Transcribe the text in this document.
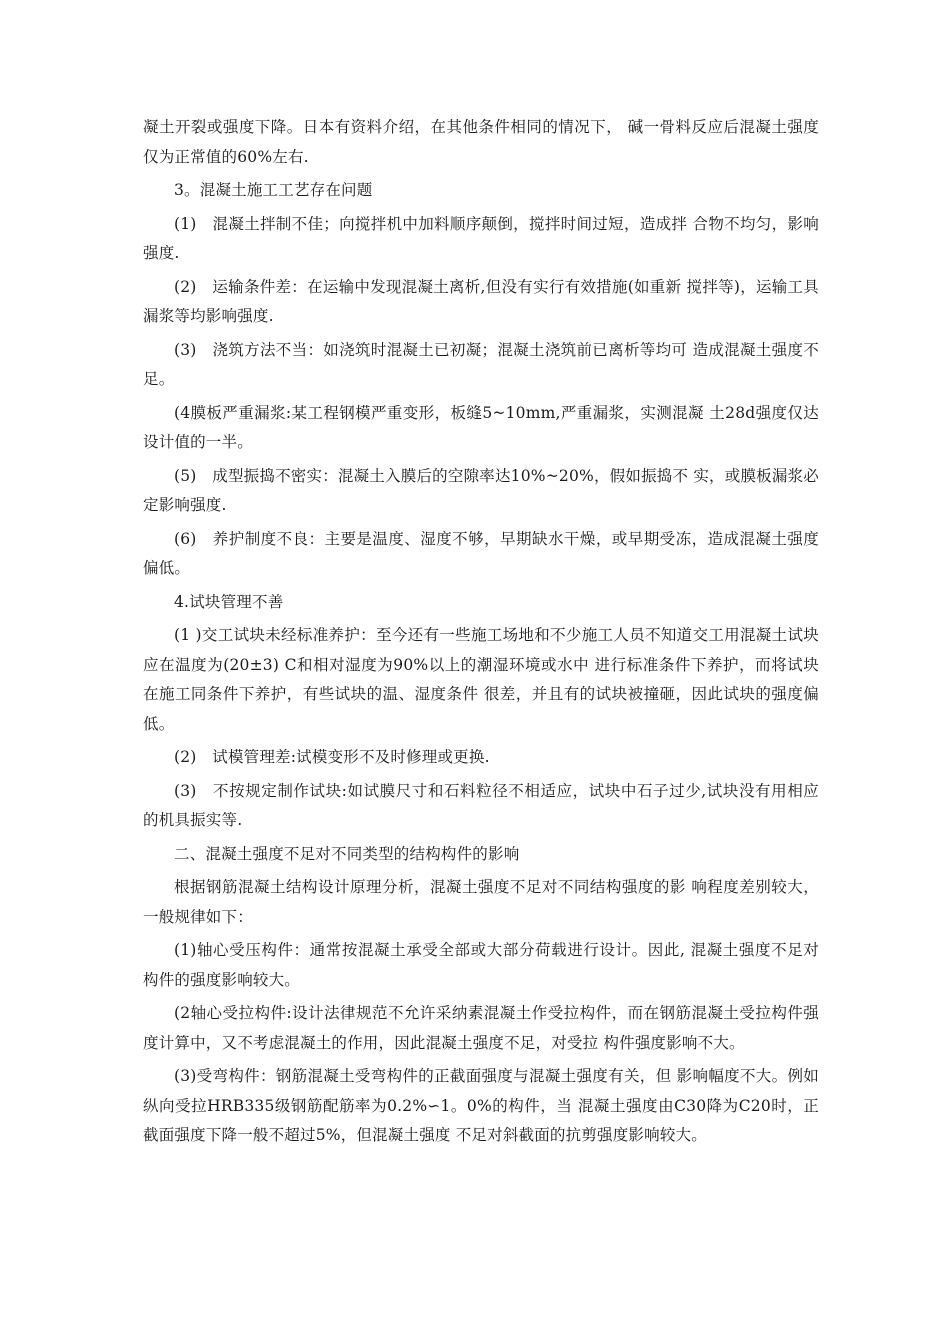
凝土开裂或强度下降。日本有资料介绍，在其他条件相同的情况下， 碱一骨料反应后混凝土强度仅为正常值的60%左右.

3。混凝土施工工艺存在问题

(1)　混凝土拌制不佳；向搅拌机中加料顺序颠倒，搅拌时间过短，造成拌 合物不均匀，影响强度.

(2)　运输条件差：在运输中发现混凝土离析,但没有实行有效措施(如重新 搅拌等)，运输工具漏浆等均影响强度.

(3)　浇筑方法不当：如浇筑时混凝土已初凝；混凝土浇筑前已离析等均可 造成混凝土强度不足。

(4膜板严重漏浆:某工程钢模严重变形，板缝5~10mm,严重漏浆，实测混凝 土28d强度仅达设计值的一半。

(5)　成型振捣不密实：混凝土入膜后的空隙率达10%~20%，假如振捣不 实，或膜板漏浆必定影响强度.

(6)　养护制度不良：主要是温度、湿度不够，早期缺水干燥，或早期受冻，造成混凝土强度偏低。

4.试块管理不善

(1 )交工试块未经标准养护：至今还有一些施工场地和不少施工人员不知道交工用混凝土试块应在温度为(20±3) C和相对湿度为90%以上的潮湿环境或水中 进行标准条件下养护，而将试块在施工同条件下养护，有些试块的温、湿度条件 很差，并且有的试块被撞砸，因此试块的强度偏低。

(2)　试模管理差:试模变形不及时修理或更换.

(3)　不按规定制作试块:如试膜尺寸和石料粒径不相适应，试块中石子过少,试块没有用相应的机具振实等.

二、混凝土强度不足对不同类型的结构构件的影响

根据钢筋混凝土结构设计原理分析，混凝土强度不足对不同结构强度的影 响程度差别较大，一般规律如下：

(1)轴心受压构件：通常按混凝土承受全部或大部分荷载进行设计。因此, 混凝土强度不足对构件的强度影响较大。

(2轴心受拉构件:设计法律规范不允许采纳素混凝土作受拉构件，而在钢筋混凝土受拉构件强度计算中，又不考虑混凝土的作用，因此混凝土强度不足，对受拉 构件强度影响不大。

(3)受弯构件：钢筋混凝土受弯构件的正截面强度与混凝土强度有关，但 影响幅度不大。例如纵向受拉HRB335级钢筋配筋率为0.2%∽1。0%的构件，当 混凝土强度由C30降为C20时，正截面强度下降一般不超过5%，但混凝土强度 不足对斜截面的抗剪强度影响较大。
